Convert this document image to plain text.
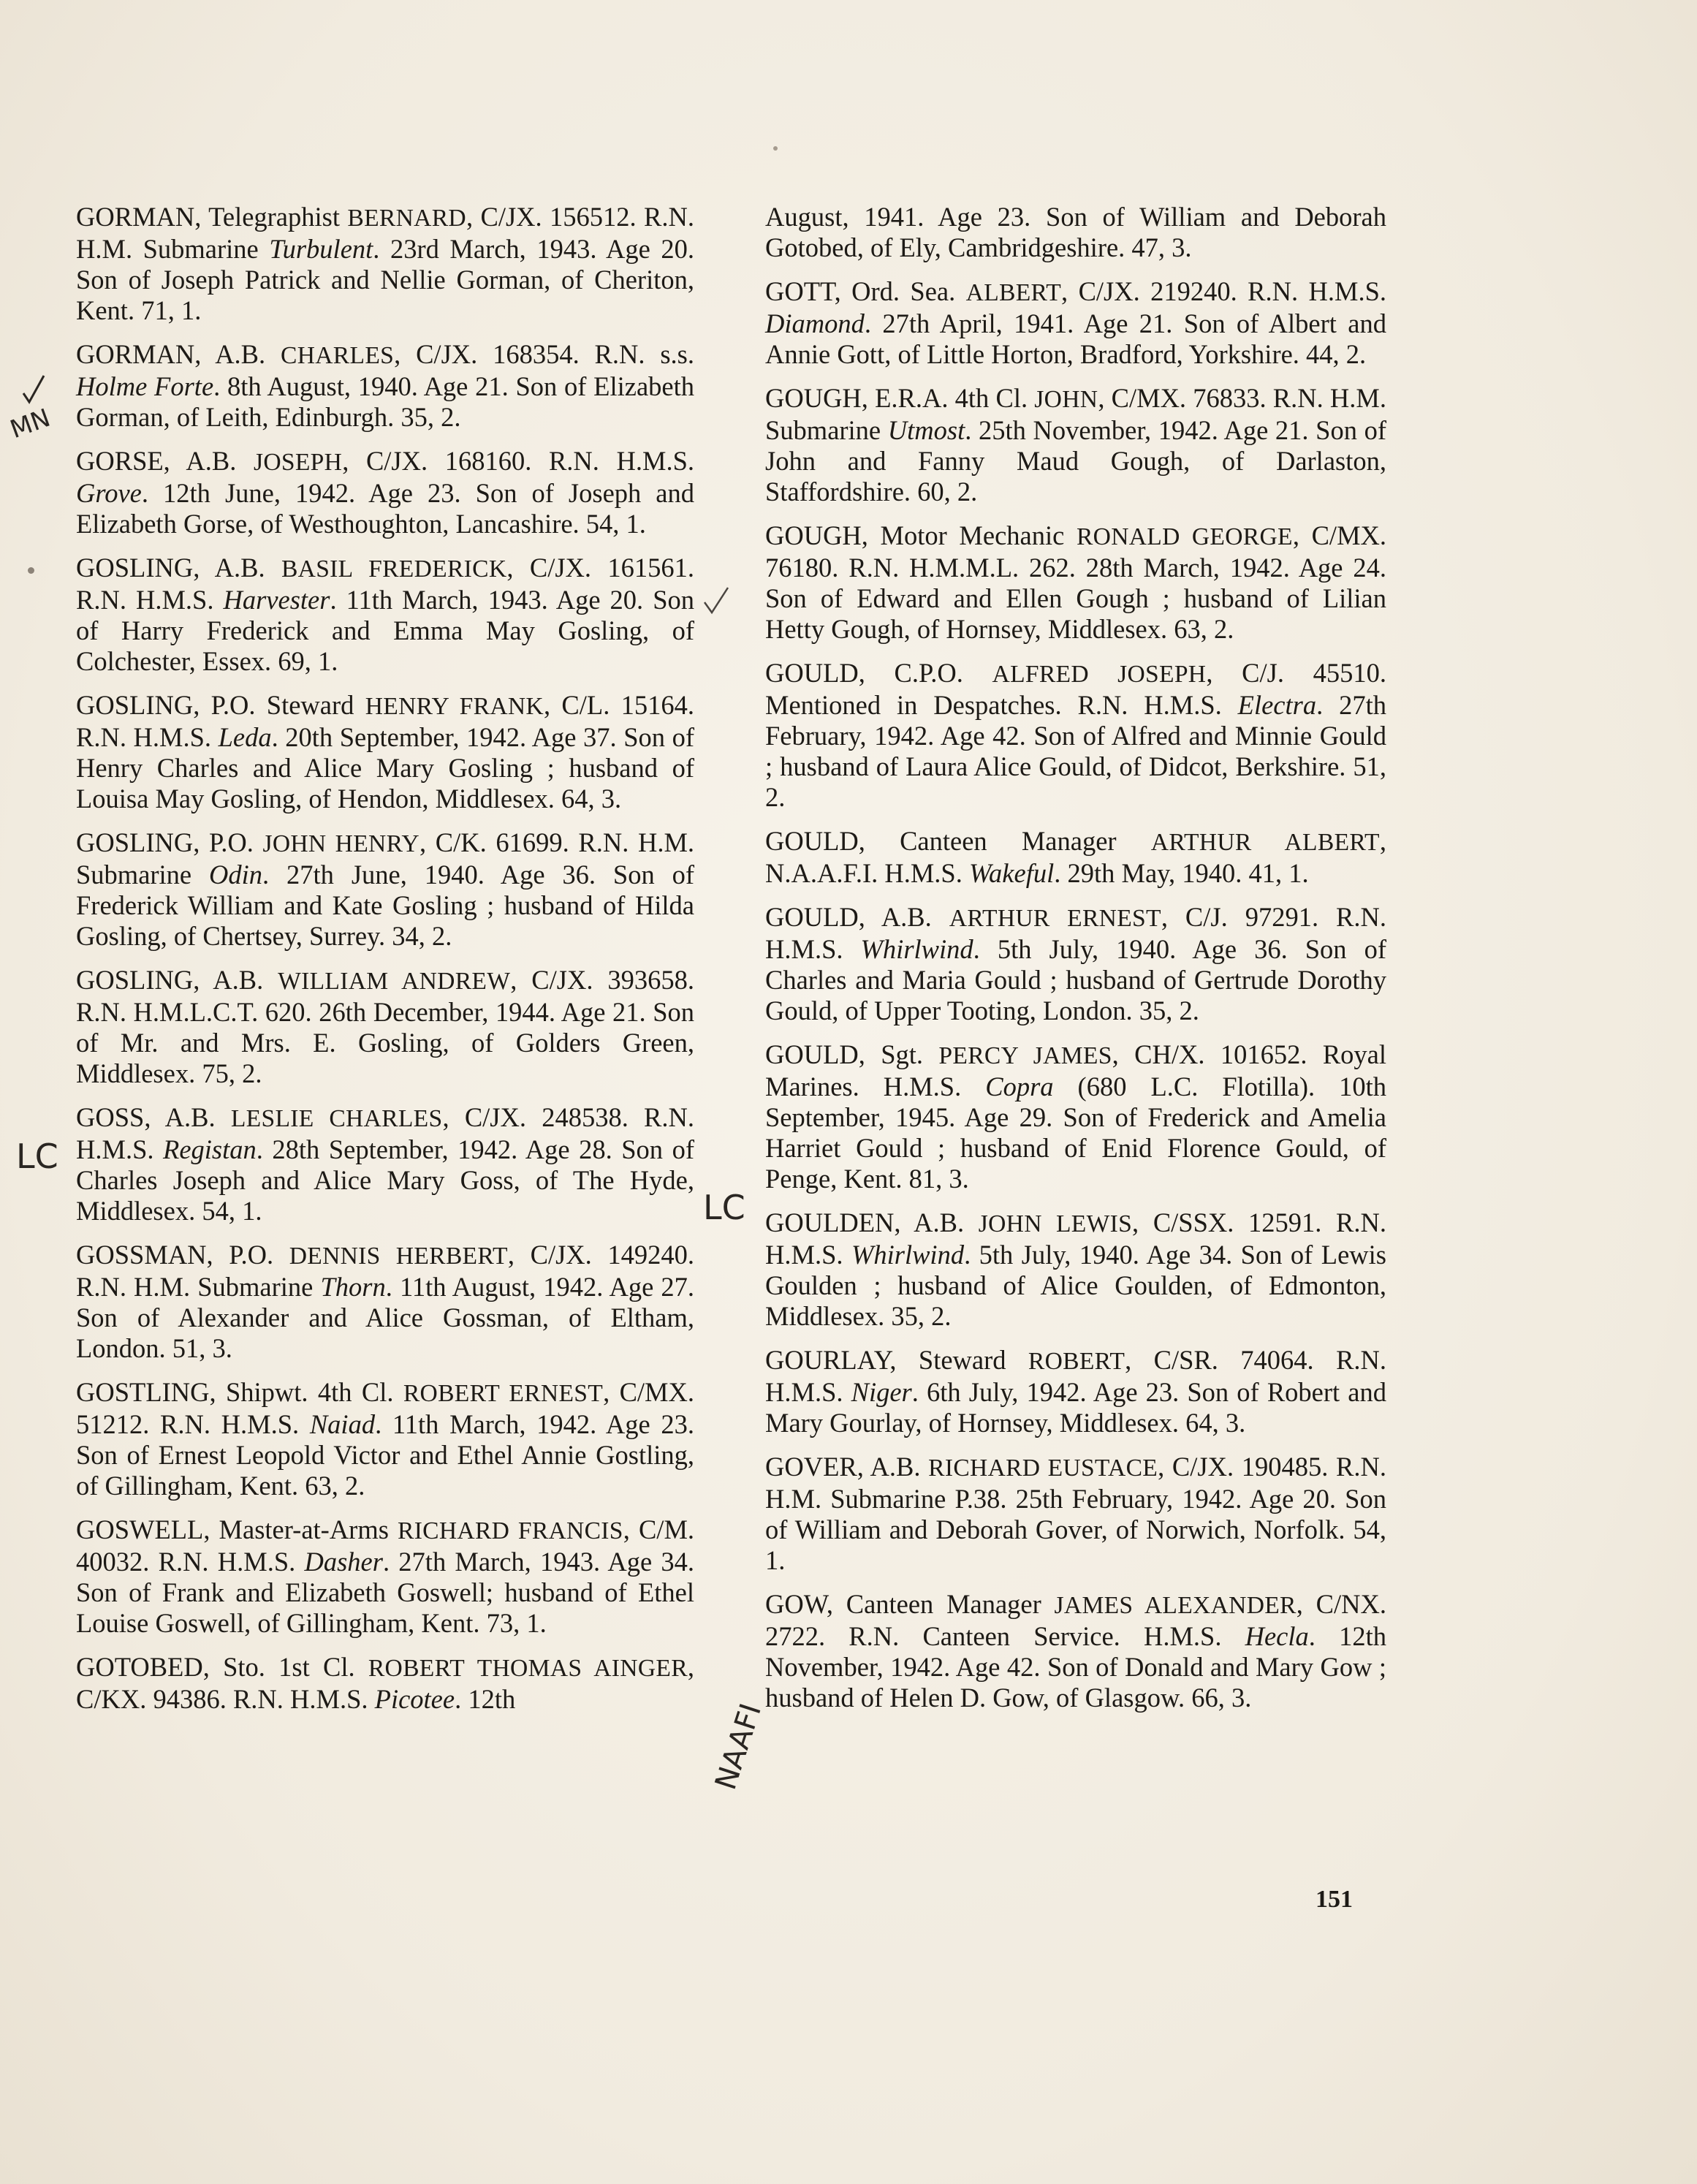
GORMAN, Telegraphist BERNARD, C/JX. 156512. R.N. H.M. Submarine Turbulent. 23rd March, 1943. Age 20. Son of Joseph Patrick and Nellie Gorman, of Cheriton, Kent. 71, 1.

GORMAN, A.B. CHARLES, C/JX. 168354. R.N. s.s. Holme Forte. 8th August, 1940. Age 21. Son of Elizabeth Gorman, of Leith, Edinburgh. 35, 2.

GORSE, A.B. JOSEPH, C/JX. 168160. R.N. H.M.S. Grove. 12th June, 1942. Age 23. Son of Joseph and Elizabeth Gorse, of Westhoughton, Lancashire. 54, 1.

GOSLING, A.B. BASIL FREDERICK, C/JX. 161561. R.N. H.M.S. Harvester. 11th March, 1943. Age 20. Son of Harry Frederick and Emma May Gosling, of Colchester, Essex. 69, 1.

GOSLING, P.O. Steward HENRY FRANK, C/L. 15164. R.N. H.M.S. Leda. 20th September, 1942. Age 37. Son of Henry Charles and Alice Mary Gosling ; husband of Louisa May Gosling, of Hendon, Middlesex. 64, 3.

GOSLING, P.O. JOHN HENRY, C/K. 61699. R.N. H.M. Submarine Odin. 27th June, 1940. Age 36. Son of Frederick William and Kate Gosling ; husband of Hilda Gosling, of Chertsey, Surrey. 34, 2.

GOSLING, A.B. WILLIAM ANDREW, C/JX. 393658. R.N. H.M.L.C.T. 620. 26th December, 1944. Age 21. Son of Mr. and Mrs. E. Gosling, of Golders Green, Middlesex. 75, 2.

GOSS, A.B. LESLIE CHARLES, C/JX. 248538. R.N. H.M.S. Registan. 28th September, 1942. Age 28. Son of Charles Joseph and Alice Mary Goss, of The Hyde, Middlesex. 54, 1.

GOSSMAN, P.O. DENNIS HERBERT, C/JX. 149240. R.N. H.M. Submarine Thorn. 11th August, 1942. Age 27. Son of Alexander and Alice Gossman, of Eltham, London. 51, 3.

GOSTLING, Shipwt. 4th Cl. ROBERT ERNEST, C/MX. 51212. R.N. H.M.S. Naiad. 11th March, 1942. Age 23. Son of Ernest Leopold Victor and Ethel Annie Gostling, of Gillingham, Kent. 63, 2.

GOSWELL, Master-at-Arms RICHARD FRANCIS, C/M. 40032. R.N. H.M.S. Dasher. 27th March, 1943. Age 34. Son of Frank and Elizabeth Goswell; husband of Ethel Louise Goswell, of Gillingham, Kent. 73, 1.

GOTOBED, Sto. 1st Cl. ROBERT THOMAS AINGER, C/KX. 94386. R.N. H.M.S. Picotee. 12th

August, 1941. Age 23. Son of William and Deborah Gotobed, of Ely, Cambridgeshire. 47, 3.

GOTT, Ord. Sea. ALBERT, C/JX. 219240. R.N. H.M.S. Diamond. 27th April, 1941. Age 21. Son of Albert and Annie Gott, of Little Horton, Bradford, Yorkshire. 44, 2.

GOUGH, E.R.A. 4th Cl. JOHN, C/MX. 76833. R.N. H.M. Submarine Utmost. 25th November, 1942. Age 21. Son of John and Fanny Maud Gough, of Darlaston, Staffordshire. 60, 2.

GOUGH, Motor Mechanic RONALD GEORGE, C/MX. 76180. R.N. H.M.M.L. 262. 28th March, 1942. Age 24. Son of Edward and Ellen Gough ; husband of Lilian Hetty Gough, of Hornsey, Middlesex. 63, 2.

GOULD, C.P.O. ALFRED JOSEPH, C/J. 45510. Mentioned in Despatches. R.N. H.M.S. Electra. 27th February, 1942. Age 42. Son of Alfred and Minnie Gould ; husband of Laura Alice Gould, of Didcot, Berkshire. 51, 2.

GOULD, Canteen Manager ARTHUR ALBERT, N.A.A.F.I. H.M.S. Wakeful. 29th May, 1940. 41, 1.

GOULD, A.B. ARTHUR ERNEST, C/J. 97291. R.N. H.M.S. Whirlwind. 5th July, 1940. Age 36. Son of Charles and Maria Gould ; husband of Gertrude Dorothy Gould, of Upper Tooting, London. 35, 2.

GOULD, Sgt. PERCY JAMES, CH/X. 101652. Royal Marines. H.M.S. Copra (680 L.C. Flotilla). 10th September, 1945. Age 29. Son of Frederick and Amelia Harriet Gould ; husband of Enid Florence Gould, of Penge, Kent. 81, 3.

GOULDEN, A.B. JOHN LEWIS, C/SSX. 12591. R.N. H.M.S. Whirlwind. 5th July, 1940. Age 34. Son of Lewis Goulden ; husband of Alice Goulden, of Edmonton, Middlesex. 35, 2.

GOURLAY, Steward ROBERT, C/SR. 74064. R.N. H.M.S. Niger. 6th July, 1942. Age 23. Son of Robert and Mary Gourlay, of Hornsey, Middlesex. 64, 3.

GOVER, A.B. RICHARD EUSTACE, C/JX. 190485. R.N. H.M. Submarine P.38. 25th February, 1942. Age 20. Son of William and Deborah Gover, of Norwich, Norfolk. 54, 1.

GOW, Canteen Manager JAMES ALEXANDER, C/NX. 2722. R.N. Canteen Service. H.M.S. Hecla. 12th November, 1942. Age 42. Son of Donald and Mary Gow ; husband of Helen D. Gow, of Glasgow. 66, 3.

151
MN
LC
LC
NAAFI
